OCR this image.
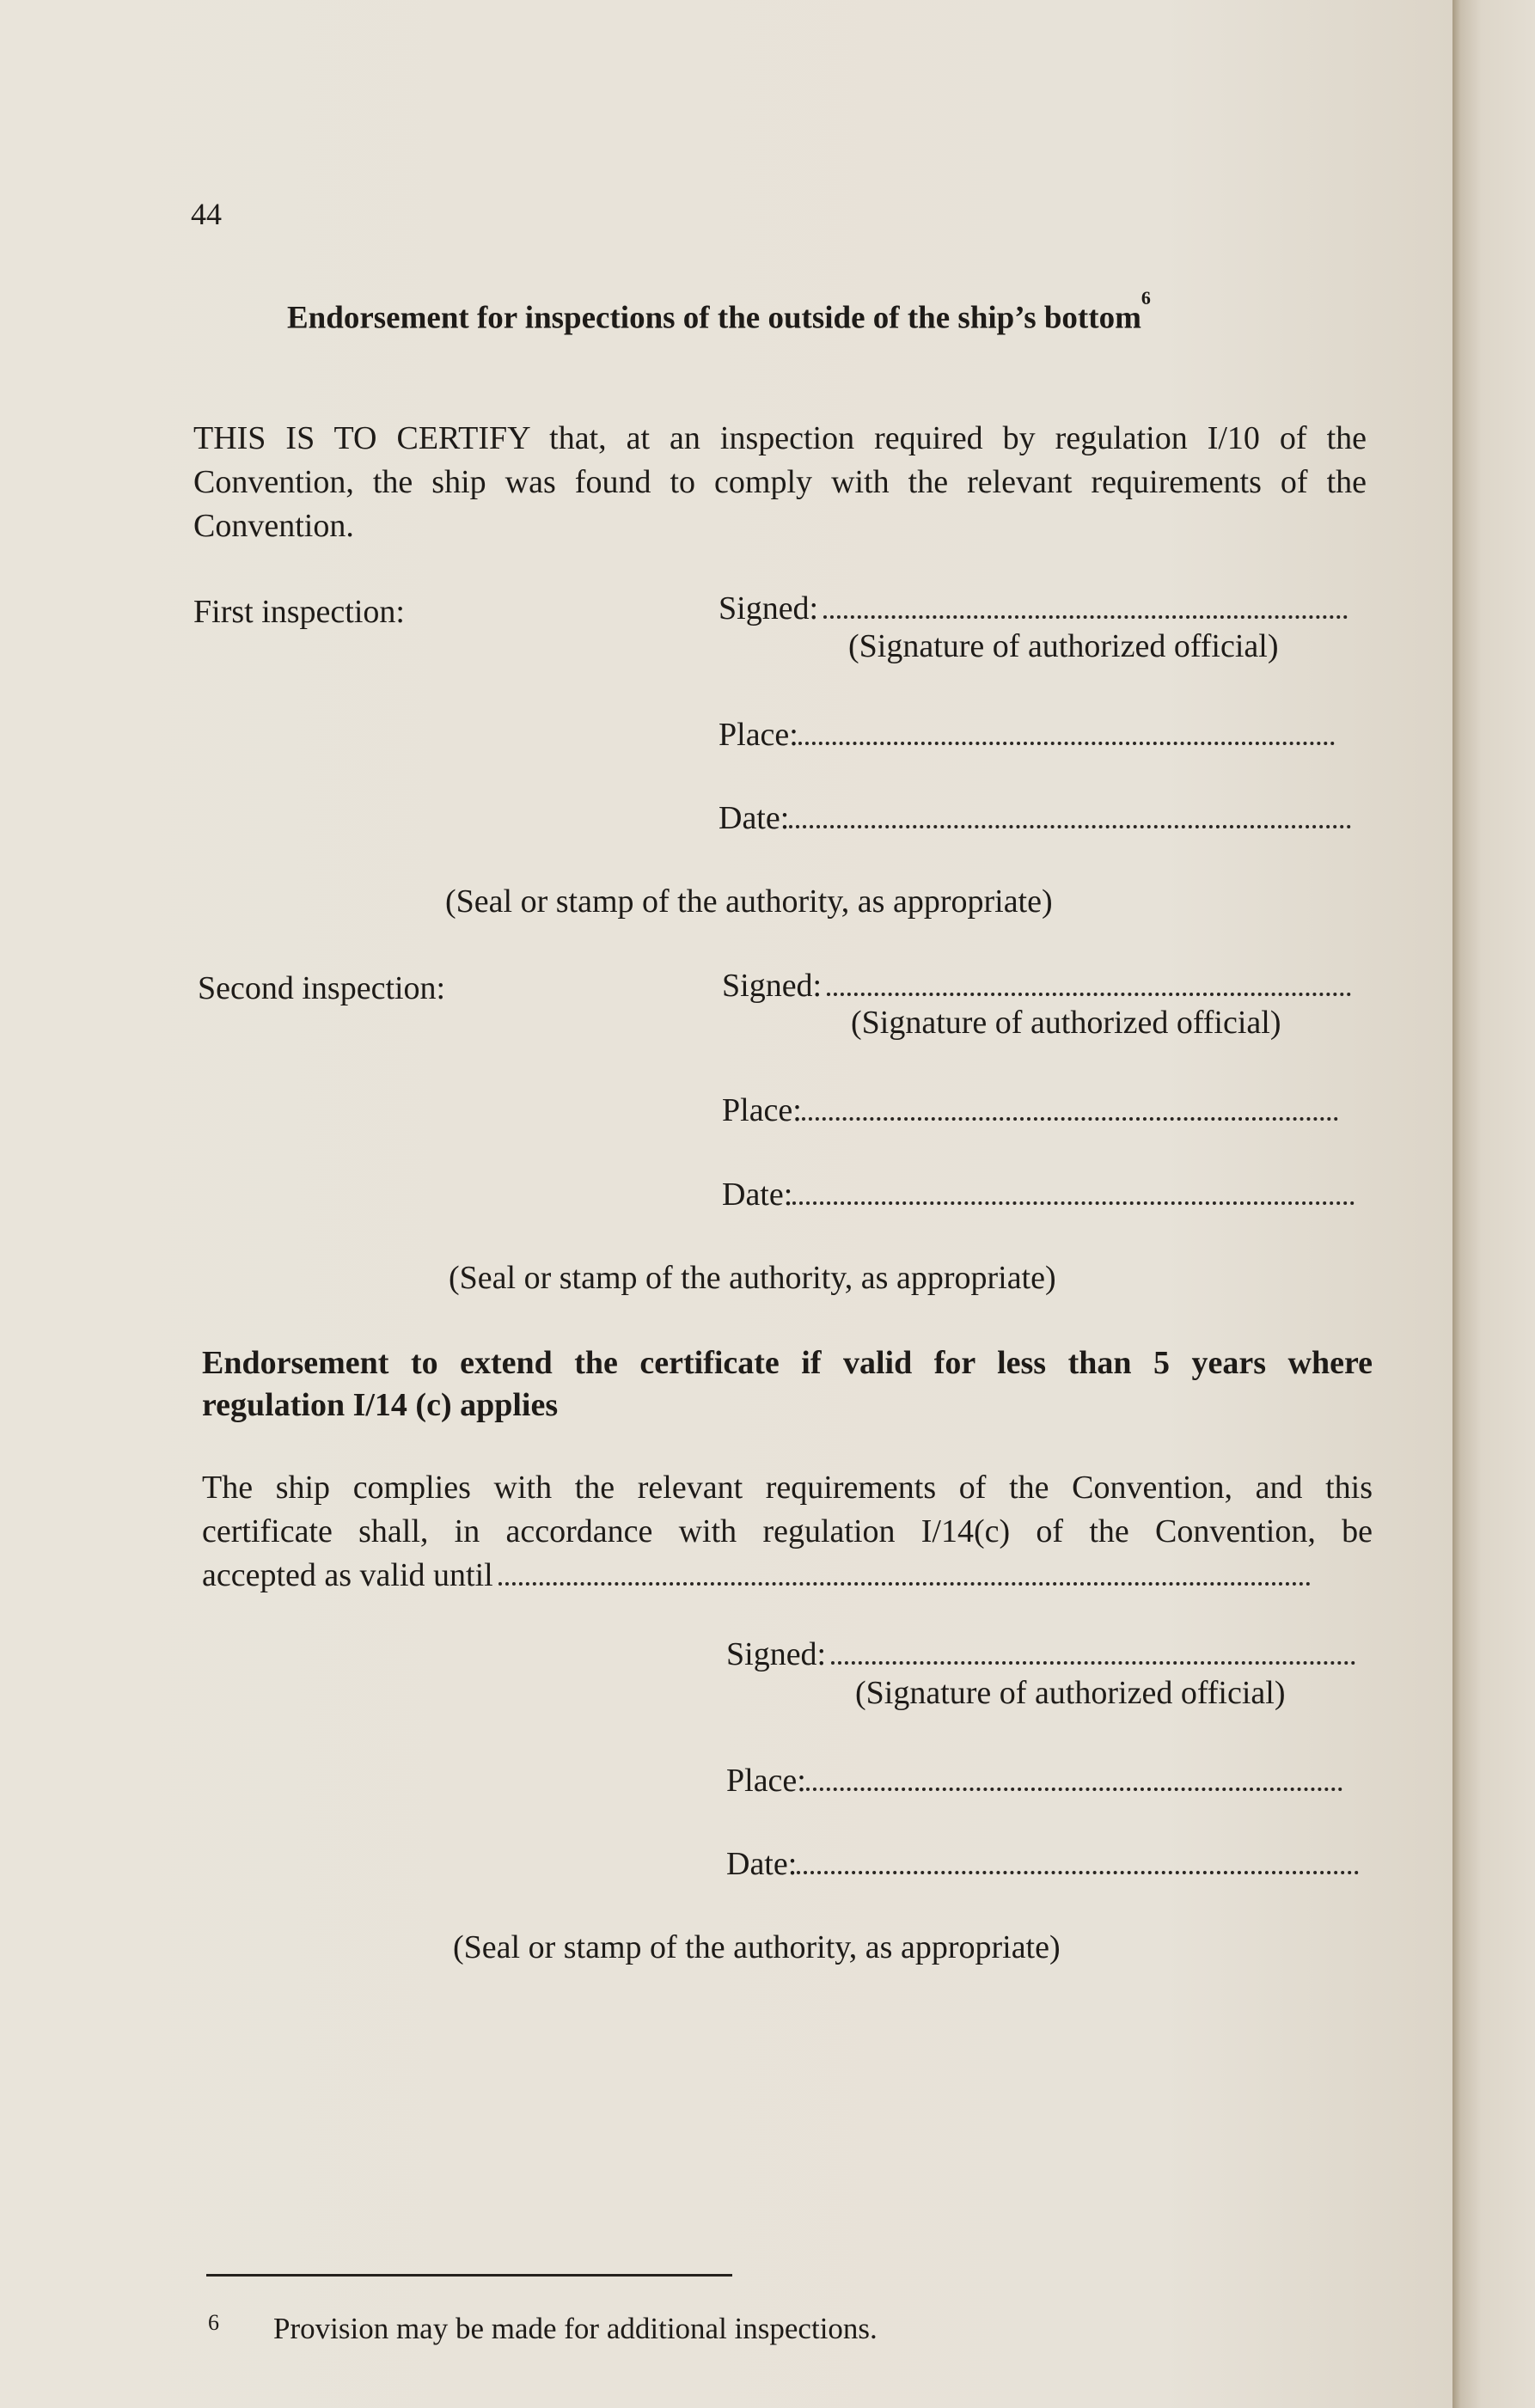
44
Endorsement for inspections of the outside of the ship’s bottom$^6$
THIS IS TO CERTIFY that, at an inspection required by regulation I/10 of the
Convention, the ship was found to comply with the relevant requirements of the
Convention.
First inspection:	Signed:
(Signature of authorized official)
Place:
Date:
(Seal or stamp of the authority, as appropriate)
Second inspection:	Signed:
(Signature of authorized official)
Place:
Date:
(Seal or stamp of the authority, as appropriate)
Endorsement to extend the certificate if valid for less than 5 years where
regulation I/14 (c) applies
The ship complies with the relevant requirements of the Convention, and this
certificate shall, in accordance with regulation I/14(c) of the Convention, be
accepted as valid until
Signed:
(Signature of authorized official)
Place:
Date:
(Seal or stamp of the authority, as appropriate)
6 Provision may be made for additional inspections.
